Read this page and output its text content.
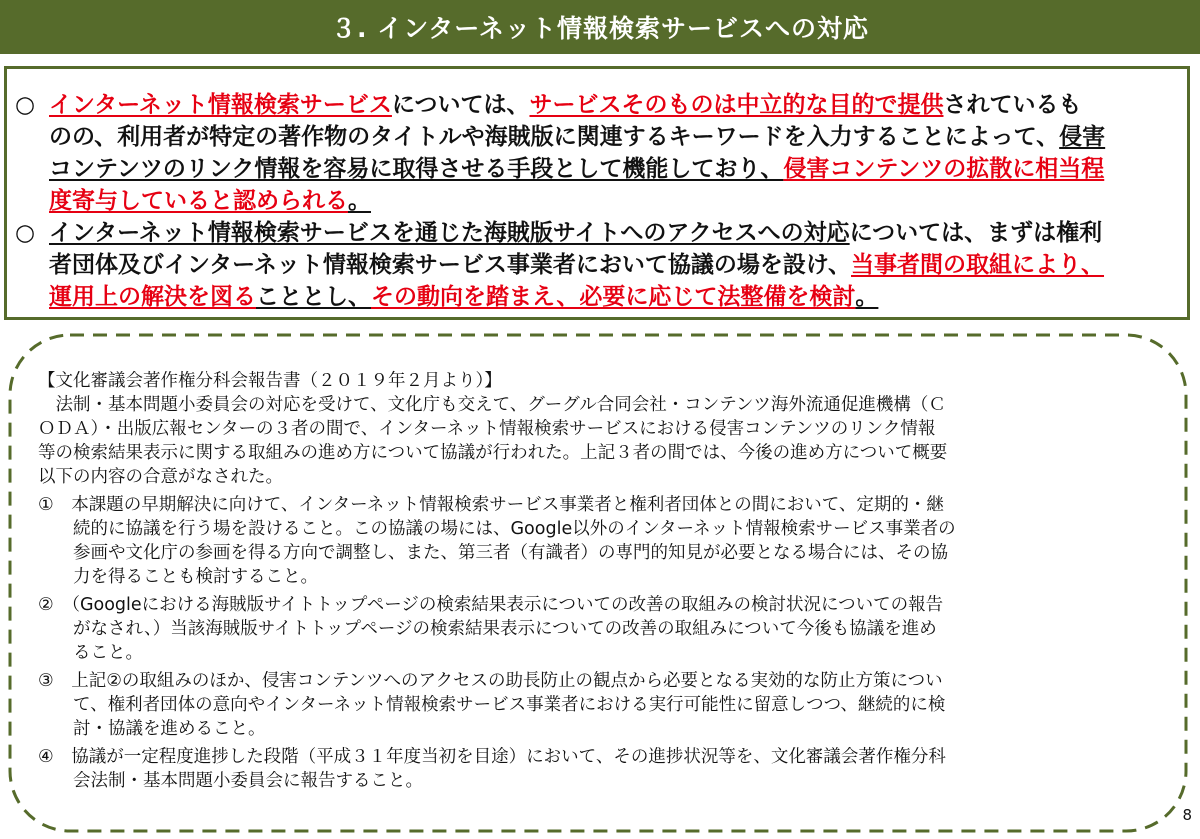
３. インターネット情報検索サービスへの対応
○ インターネット情報検索サービスについては、サービスそのものは中立的な目的で提供されているも
のの、利用者が特定の著作物のタイトルや海賊版に関連するキーワードを入力することによって、侵害
コンテンツのリンク情報を容易に取得させる手段として機能しており、侵害コンテンツの拡散に相当程
度寄与していると認められる。
○ インターネット情報検索サービスを通じた海賊版サイトへのアクセスへの対応については、まずは権利
者団体及びインターネット情報検索サービス事業者において協議の場を設け、当事者間の取組により、
運用上の解決を図ることとし、その動向を踏まえ、必要に応じて法整備を検討。
【文化審議会著作権分科会報告書（２０１９年２月より）】
　法制・基本問題小委員会の対応を受けて、文化庁も交えて、グーグル合同会社・コンテンツ海外流通促進機構（Ｃ
ＯＤＡ）・出版広報センターの３者の間で、インターネット情報検索サービスにおける侵害コンテンツのリンク情報
等の検索結果表示に関する取組みの進め方について協議が行われた。上記３者の間では、今後の進め方について概要
以下の内容の合意がなされた。
①　本課題の早期解決に向けて、インターネット情報検索サービス事業者と権利者団体との間において、定期的・継
　　続的に協議を行う場を設けること。この協議の場には、Google以外のインターネット情報検索サービス事業者の
　　参画や文化庁の参画を得る方向で調整し、また、第三者（有識者）の専門的知見が必要となる場合には、その協
　　力を得ることも検討すること。
②　（Googleにおける海賊版サイトトップページの検索結果表示についての改善の取組みの検討状況についての報告
　　がなされ、）当該海賊版サイトトップページの検索結果表示についての改善の取組みについて今後も協議を進め
　　ること。
③　上記②の取組みのほか、侵害コンテンツへのアクセスの助長防止の観点から必要となる実効的な防止方策につい
　　て、権利者団体の意向やインターネット情報検索サービス事業者における実行可能性に留意しつつ、継続的に検
　　討・協議を進めること。
④　協議が一定程度進捗した段階（平成３１年度当初を目途）において、その進捗状況等を、文化審議会著作権分科
　　会法制・基本問題小委員会に報告すること。
8
